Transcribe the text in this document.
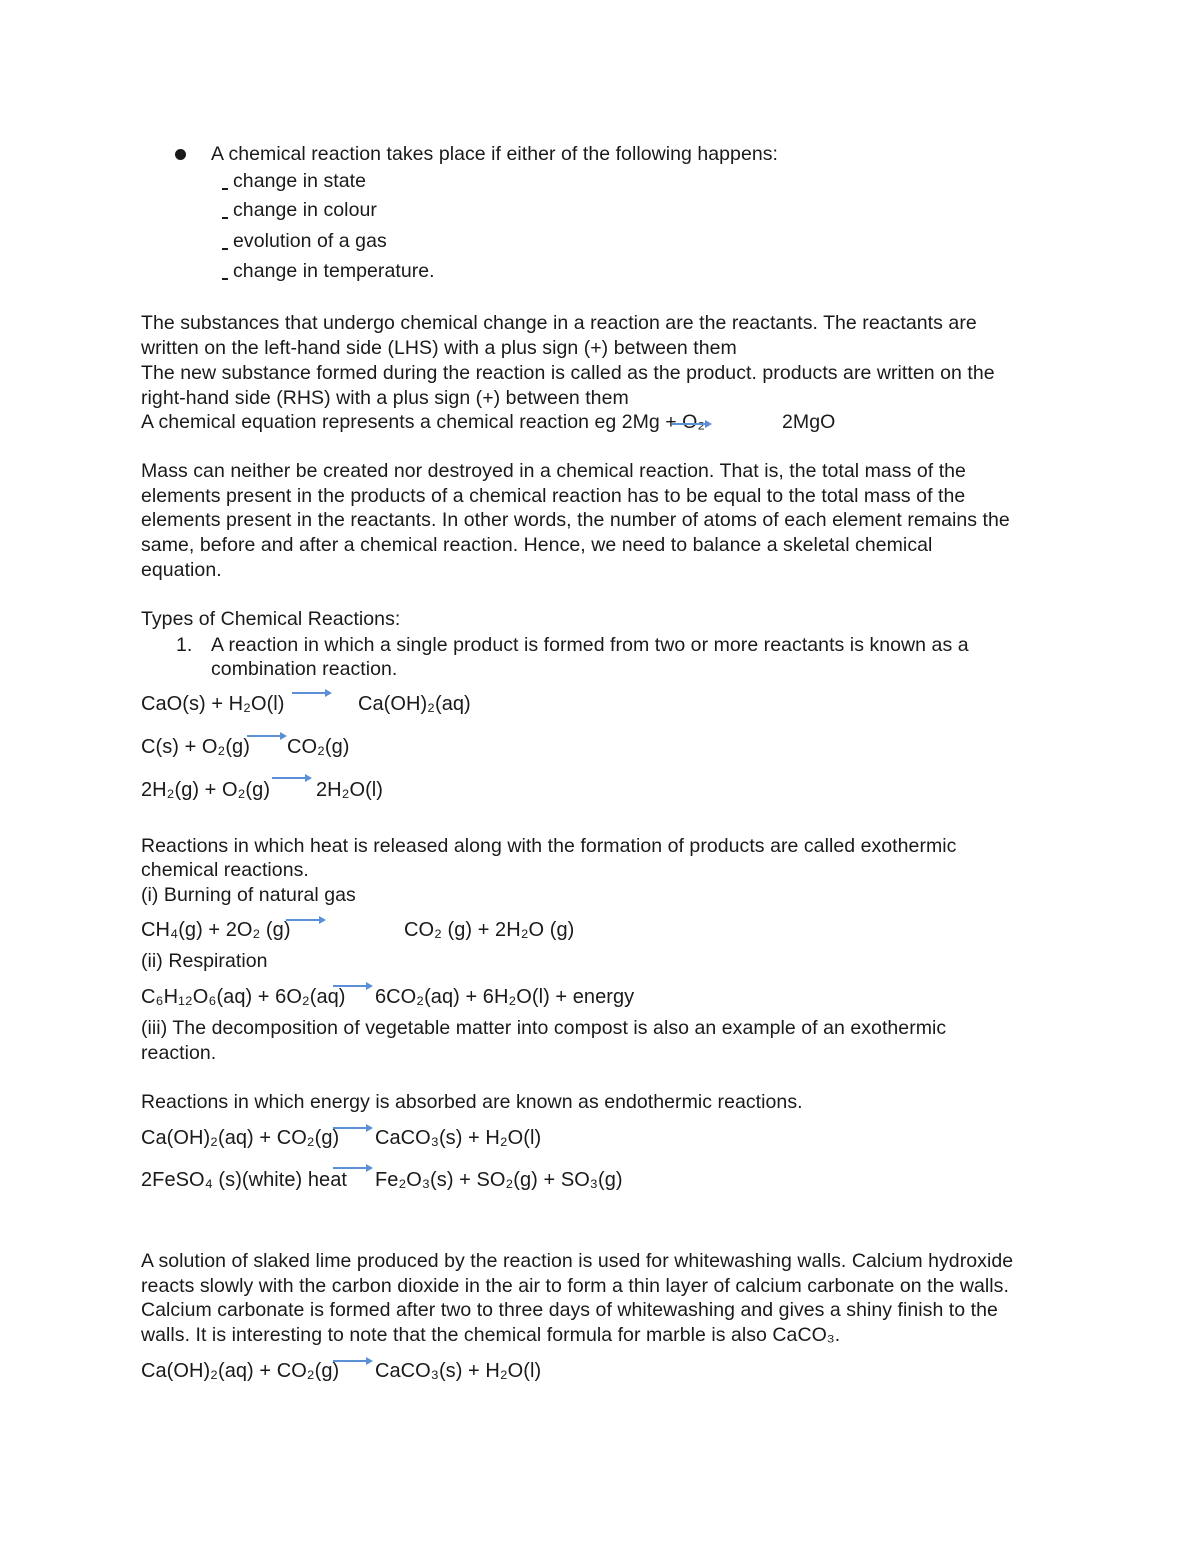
A chemical reaction takes place if either of the following happens:
change in state
change in colour
evolution of a gas
change in temperature.
The substances that undergo chemical change in a reaction are the reactants. The reactants are
written on the left-hand side (LHS) with a plus sign (+) between them
The new substance formed during the reaction is called as the product. products are written on the
right-hand side (RHS) with a plus sign (+) between them
A chemical equation represents a chemical reaction eg 2Mg + O₂	2MgO
Mass can neither be created nor destroyed in a chemical reaction. That is, the total mass of the
elements present in the products of a chemical reaction has to be equal to the total mass of the
elements present in the reactants. In other words, the number of atoms of each element remains the
same, before and after a chemical reaction. Hence, we need to balance a skeletal chemical
equation.
Types of Chemical Reactions:
1. A reaction in which a single product is formed from two or more reactants is known as a
combination reaction.
CaO(s) + H₂O(l) → Ca(OH)₂(aq)
C(s) + O₂(g) → CO₂(g)
2H₂(g) + O₂(g) 2H₂O(l)
Reactions in which heat is released along with the formation of products are called exothermic
chemical reactions.
(i) Burning of natural gas
CH₄(g) + 2O₂ (g)	CO₂ (g) + 2H₂O (g)
(ii) Respiration
C₆H₁₂O₆(aq) + 6O₂(aq) → 6CO₂(aq) + 6H₂O(l) + energy
(iii) The decomposition of vegetable matter into compost is also an example of an exothermic
reaction.
Reactions in which energy is absorbed are known as endothermic reactions.
Ca(OH)₂(aq) + CO₂(g) → CaCO₃(s) + H₂O(l)
2FeSO₄ (s)(white) heat Fe₂O₃(s) + SO₂(g) + SO₃(g)
A solution of slaked lime produced by the reaction is used for whitewashing walls. Calcium hydroxide
reacts slowly with the carbon dioxide in the air to form a thin layer of calcium carbonate on the walls.
Calcium carbonate is formed after two to three days of whitewashing and gives a shiny finish to the
walls. It is interesting to note that the chemical formula for marble is also CaCO₃.
Ca(OH)₂(aq) + CO₂(g) → CaCO₃(s) + H₂O(l)
